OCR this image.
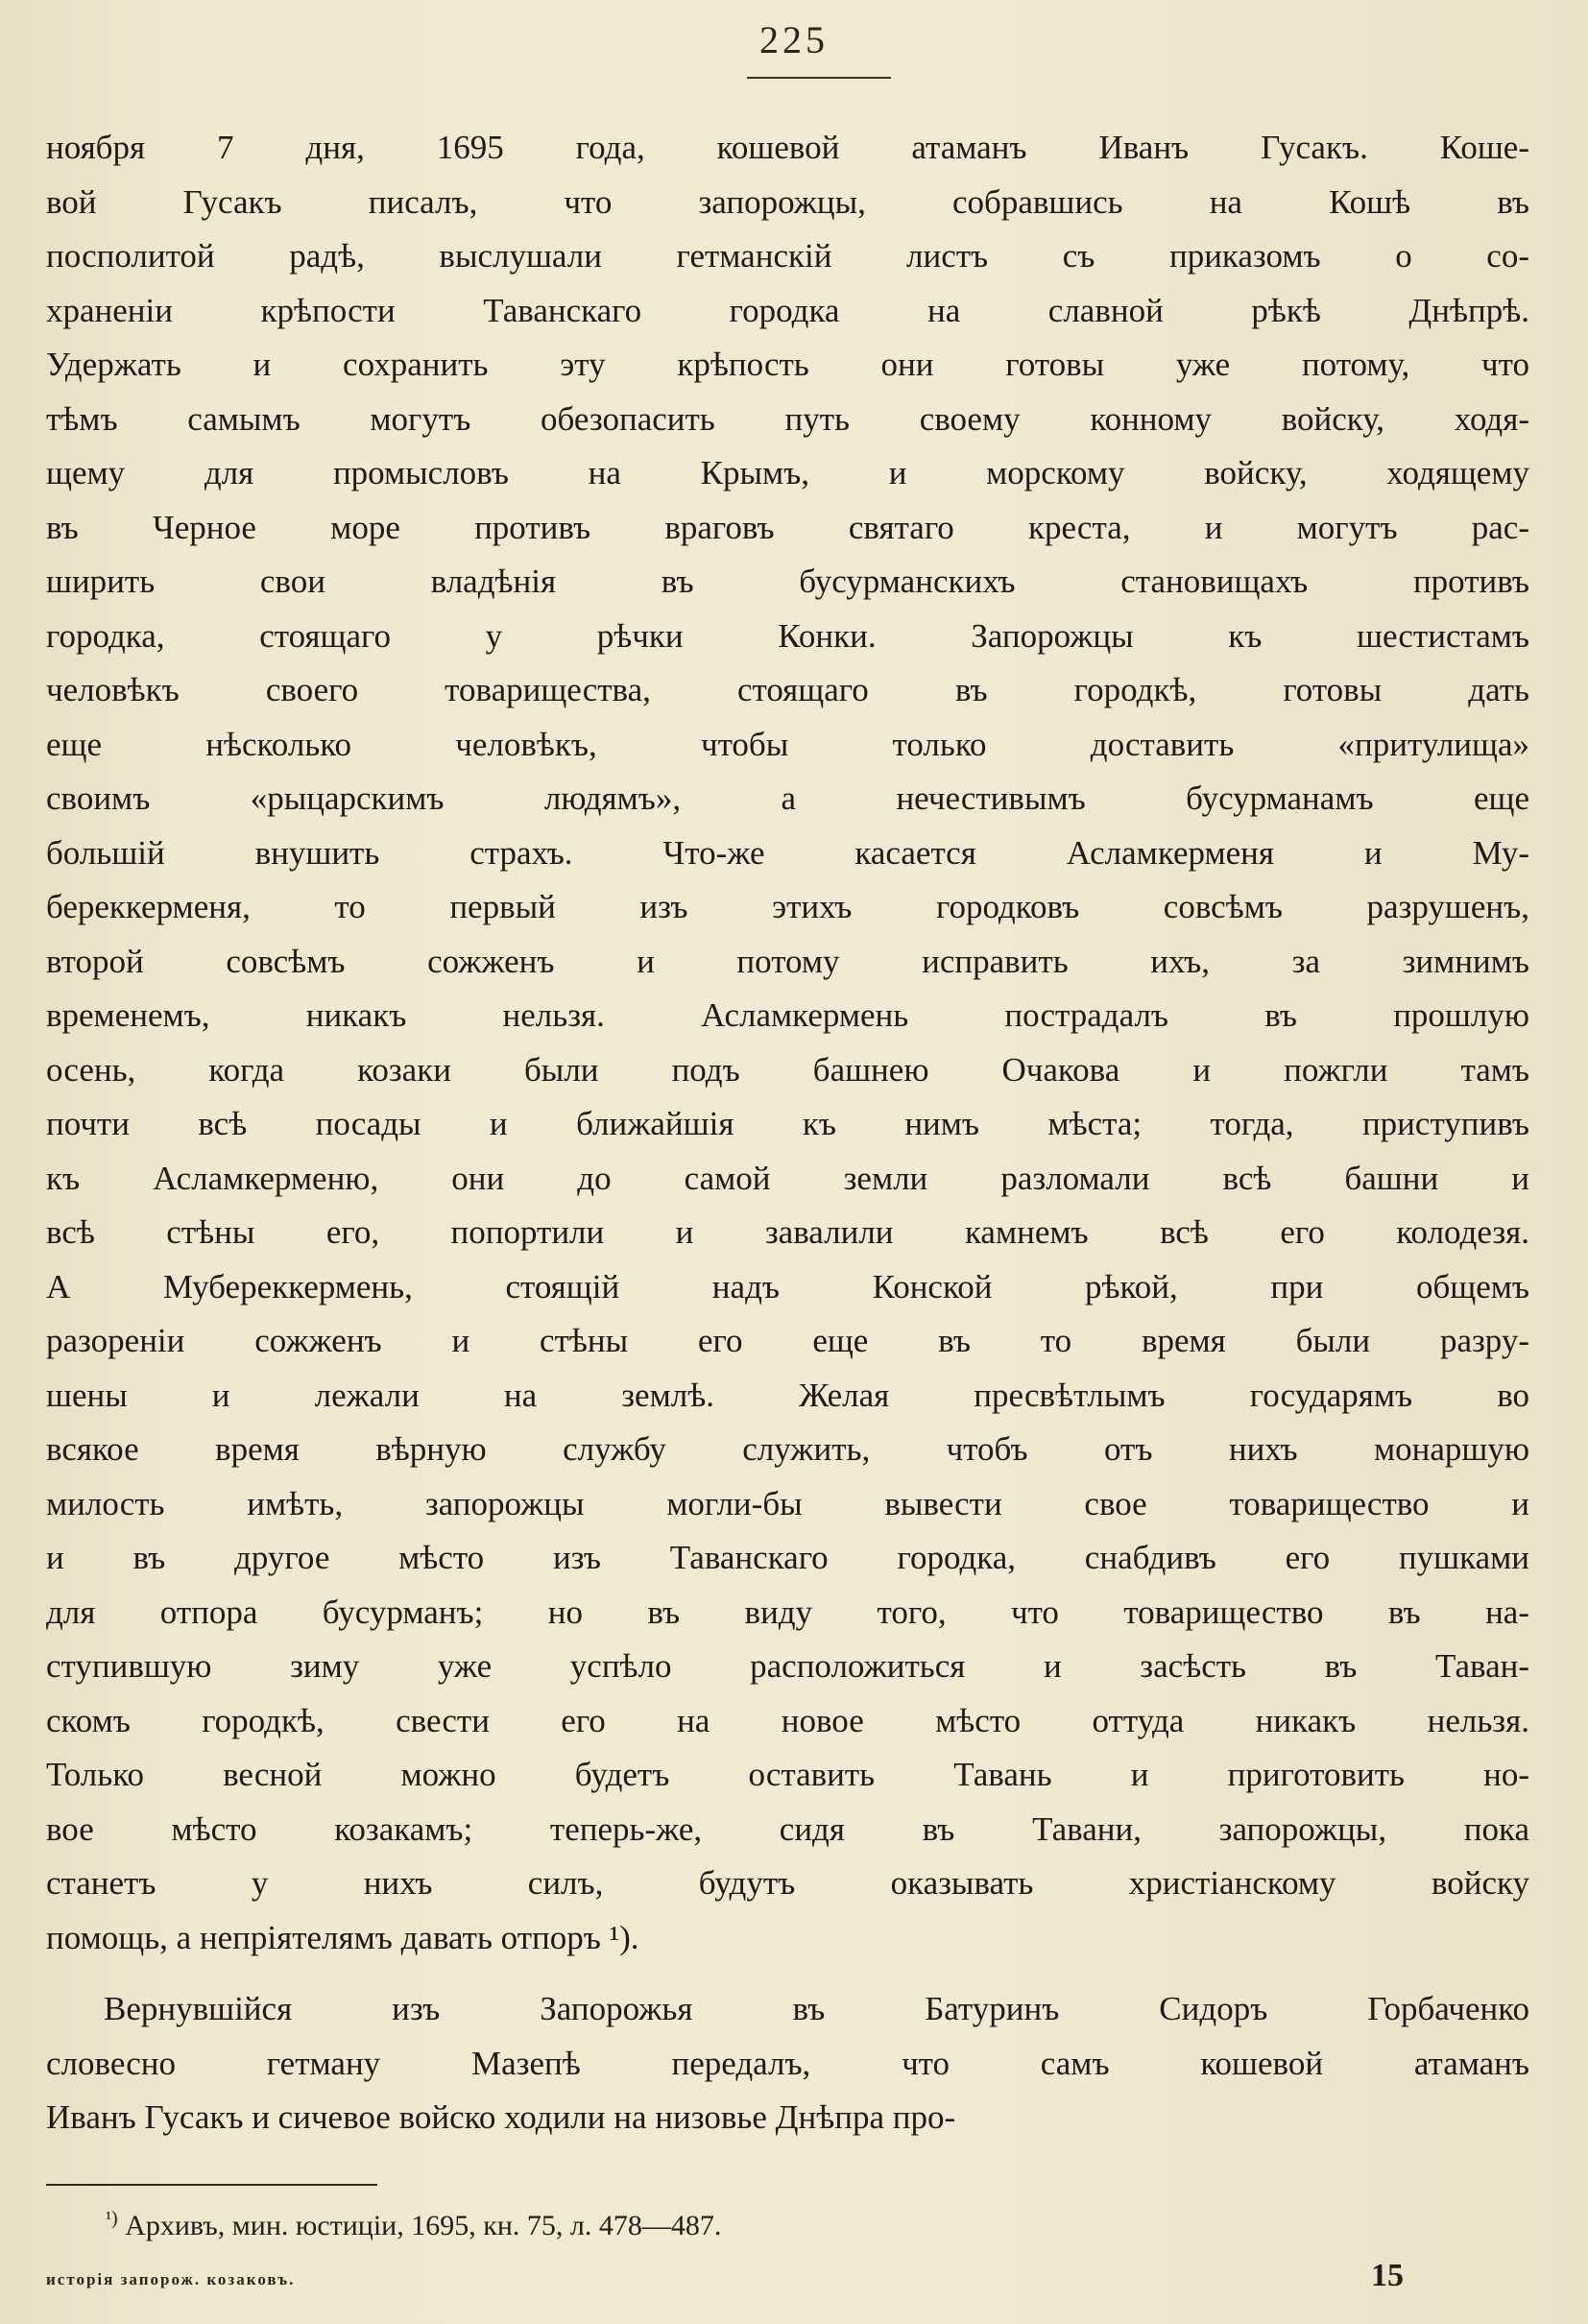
225
ноября 7 дня, 1695 года, кошевой атаманъ Иванъ Гусакъ. Коше-
вой Гусакъ писалъ, что запорожцы, собравшись на Кошѣ въ
посполитой радѣ, выслушали гетманскій листъ съ приказомъ о со-
храненіи крѣпости Таванскаго городка на славной рѣкѣ Днѣпрѣ.
Удержать и сохранить эту крѣпость они готовы уже потому, что
тѣмъ самымъ могутъ обезопасить путь своему конному войску, ходя-
щему для промысловъ на Крымъ, и морскому войску, ходящему
въ Черное море противъ враговъ святаго креста, и могутъ рас-
ширить свои владѣнія въ бусурманскихъ становищахъ противъ
городка, стоящаго у рѣчки Конки. Запорожцы къ шестистамъ
человѣкъ своего товарищества, стоящаго въ городкѣ, готовы дать
еще нѣсколько человѣкъ, чтобы только доставить «притулища»
своимъ «рыцарскимъ людямъ», а нечестивымъ бусурманамъ еще
большій внушить страхъ. Что-же касается Асламкерменя и Му-
береккерменя, то первый изъ этихъ городковъ совсѣмъ разрушенъ,
второй совсѣмъ сожженъ и потому исправить ихъ, за зимнимъ
временемъ, никакъ нельзя. Асламкермень пострадалъ въ прошлую
осень, когда козаки были подъ башнею Очакова и пожгли тамъ
почти всѣ посады и ближайшія къ нимъ мѣста; тогда, приступивъ
къ Асламкерменю, они до самой земли разломали всѣ башни и
всѣ стѣны его, попортили и завалили камнемъ всѣ его колодезя.
А Мубереккермень, стоящій надъ Конской рѣкой, при общемъ
разореніи сожженъ и стѣны его еще въ то время были разру-
шены и лежали на землѣ. Желая пресвѣтлымъ государямъ во
всякое время вѣрную службу служить, чтобъ отъ нихъ монаршую
милость имѣть, запорожцы могли-бы вывести свое товарищество и
и въ другое мѣсто изъ Таванскаго городка, снабдивъ его пушками
для отпора бусурманъ; но въ виду того, что товарищество въ на-
ступившую зиму уже успѣло расположиться и засѣсть въ Таван-
скомъ городкѣ, свести его на новое мѣсто оттуда никакъ нельзя.
Только весной можно будетъ оставить Тавань и приготовить но-
вое мѣсто козакамъ; теперь-же, сидя въ Тавани, запорожцы, пока
станетъ у нихъ силъ, будутъ оказывать христіанскому войску
помощь, а непріятелямъ давать отпоръ ¹).
Вернувшійся изъ Запорожья въ Батуринъ Сидоръ Горбаченко
словесно гетману Мазепѣ передалъ, что самъ кошевой атаманъ
Иванъ Гусакъ и сичевое войско ходили на низовье Днѣпра про-
$^{^1)}$ Архивъ, мин. юстиціи, 1695, кн. 75, л. 478—487.
исторія запорож. козаковъ.	15
